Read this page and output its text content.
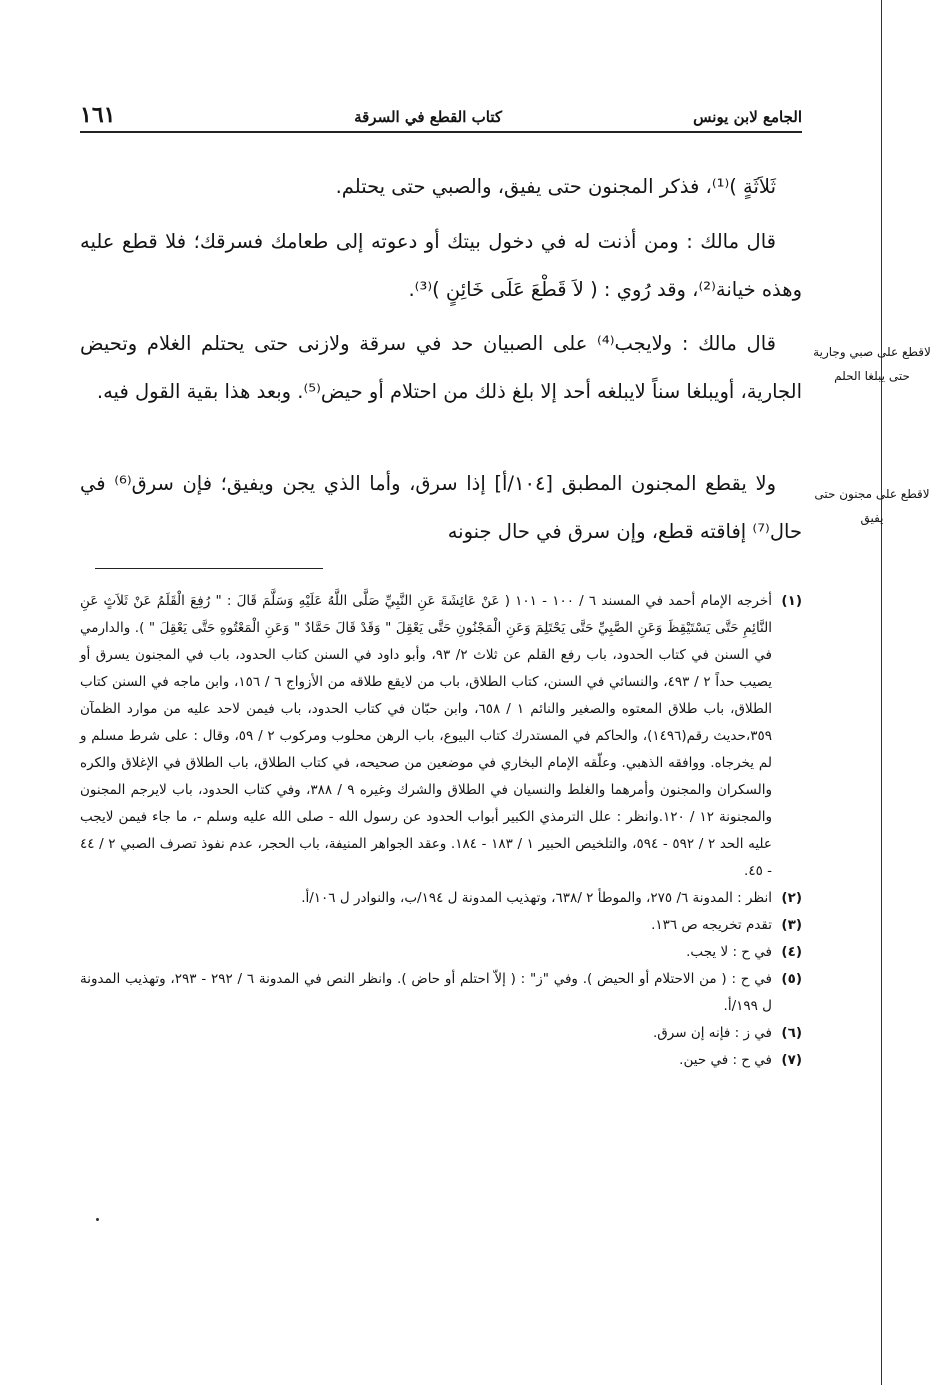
الجامع لابن يونس
كتاب القطع في السرقة
١٦١

ثَلاَثَةٍ )⁽¹⁾، فذكر المجنون حتى يفيق، والصبي حتى يحتلم.

قال مالك : ومن أذنت له في دخول بيتك أو دعوته إلى طعامك فسرقك؛ فلا قطع عليه وهذه خيانة⁽²⁾، وقد رُوي : ( لاَ قَطْعَ عَلَى خَائِنٍ )⁽³⁾.

قال مالك : ولايجب⁽⁴⁾ على الصبيان حد في سرقة ولازنى حتى يحتلم الغلام وتحيض الجارية، أويبلغا سناً لايبلغه أحد إلا بلغ ذلك من احتلام أو حيض⁽⁵⁾. وبعد هذا بقية القول فيه.

ولا يقطع المجنون المطبق [١٠٤/أ] إذا سرق، وأما الذي يجن ويفيق؛ فإن سرق⁽⁶⁾ في حال⁽⁷⁾ إفاقته قطع، وإن سرق في حال جنونه

لاقطع على صبي وجارية حتى يبلغا الحلم
لاقطع على مجنون حتى يفيق

(١)أخرجه الإمام أحمد في المسند ٦ / ١٠٠ - ١٠١ ( عَنْ عَائِشَةَ عَنِ النَّبِيِّ صَلَّى اللَّهُ عَلَيْهِ وَسَلَّمَ قَالَ : " رُفِعَ الْقَلَمُ عَنْ ثَلاَثٍ عَنِ النَّائِمِ حَتَّى يَسْتَيْقِظَ وَعَنِ الصَّبِيِّ حَتَّى يَحْتَلِمَ وَعَنِ الْمَجْنُونِ حَتَّى يَعْقِلَ " وَقَدْ قَالَ حَمَّادٌ " وَعَنِ الْمَعْتُوهِ حَتَّى يَعْقِلَ " ). والدارمي في السنن في كتاب الحدود، باب رفع القلم عن ثلاث ٢/ ٩٣، وأبو داود في السنن كتاب الحدود، باب في المجنون يسرق أو يصيب حداً ٢ / ٤٩٣، والنسائي في السنن، كتاب الطلاق، باب من لايقع طلاقه من الأزواج ٦ / ١٥٦، وابن ماجه في السنن كتاب الطلاق، باب طلاق المعتوه والصغير والنائم ١ / ٦٥٨، وابن حبّان في كتاب الحدود، باب فيمن لاحد عليه من موارد الظمآن ٣٥٩،حديث رقم(١٤٩٦)، والحاكم في المستدرك كتاب البيوع، باب الرهن محلوب ومركوب ٢ / ٥٩، وقال : على شرط مسلم و لم يخرجاه. ووافقه الذهبي. وعلّقه الإمام البخاري في موضعين من صحيحه، في كتاب الطلاق، باب الطلاق في الإغلاق والكره والسكران والمجنون وأمرهما والغلط والنسيان في الطلاق والشرك وغيره ٩ / ٣٨٨، وفي كتاب الحدود، باب لايرجم المجنون والمجنونة ١٢ / ١٢٠.وانظر : علل الترمذي الكبير أبواب الحدود عن رسول الله - صلى الله عليه وسلم -، ما جاء فيمن لايجب عليه الحد ٢ / ٥٩٢ - ٥٩٤، والتلخيص الحبير ١ / ١٨٣ - ١٨٤. وعقد الجواهر المنيفة، باب الحجر، عدم نفوذ تصرف الصبي ٢ / ٤٤ - ٤٥.

(٢)انظر : المدونة ٦/ ٢٧٥، والموطأ ٢ /٦٣٨، وتهذيب المدونة ل ١٩٤/ب، والنوادر ل ١٠٦/أ.

(٣)تقدم تخريجه ص ١٣٦.

(٤)في ح : لا يجب.

(٥)في ح : ( من الاحتلام أو الحيض ). وفي "ز" : ( إلاّ احتلم أو حاض ). وانظر النص في المدونة ٦ / ٢٩٢ - ٢٩٣، وتهذيب المدونة ل ١٩٩/أ.

(٦)في ز : فإنه إن سرق.

(٧)في ح : في حين.
